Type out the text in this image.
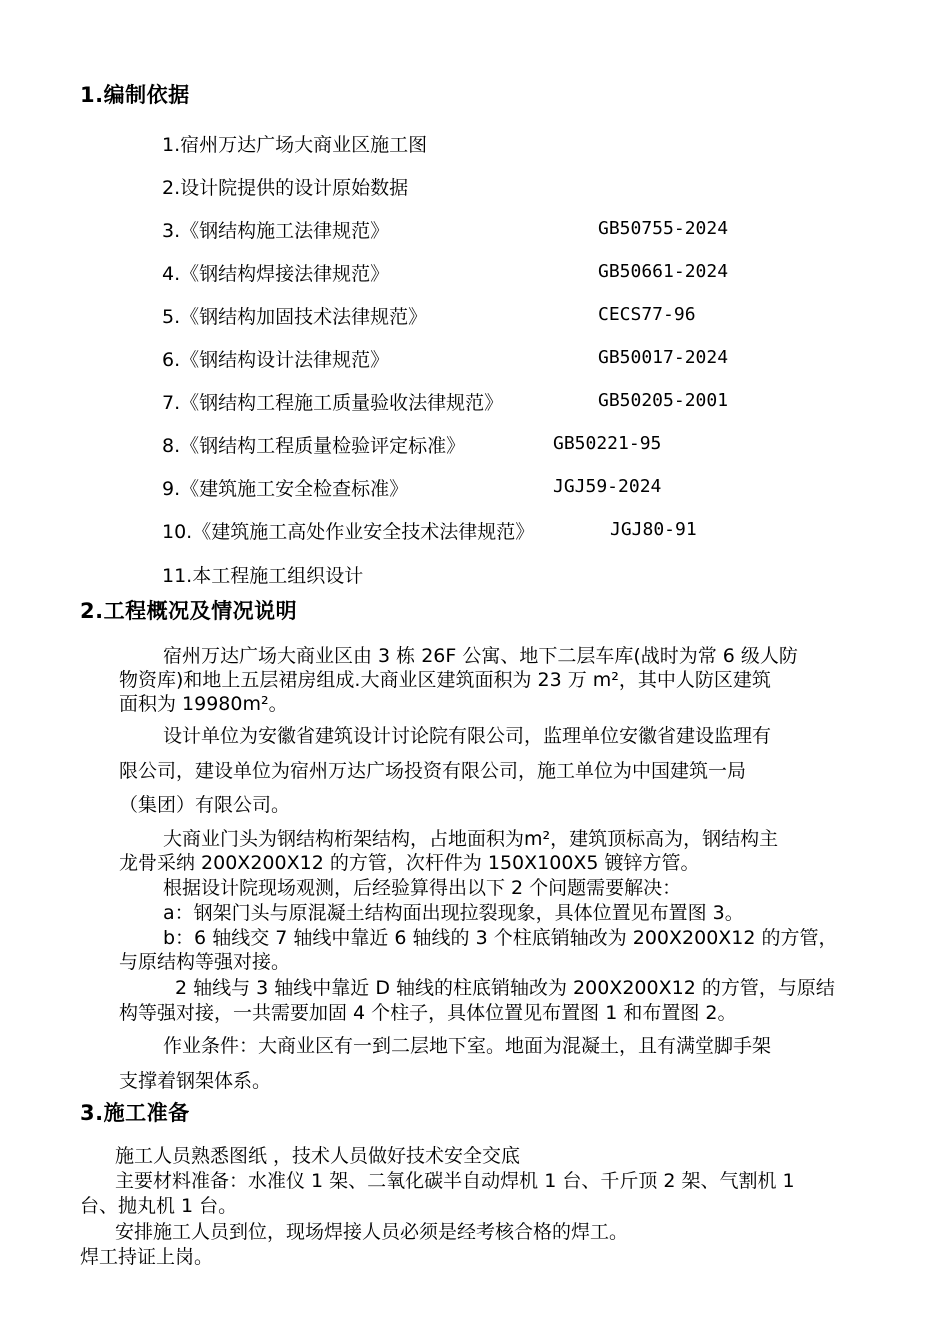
1.编制依据
1.宿州万达广场大商业区施工图
2.设计院提供的设计原始数据
3.《钢结构施工法律规范》	GB50755-2024
4.《钢结构焊接法律规范》	GB50661-2024
5.《钢结构加固技术法律规范》	CECS77-96
6.《钢结构设计法律规范》	GB50017-2024
7.《钢结构工程施工质量验收法律规范》	GB50205-2001
8.《钢结构工程质量检验评定标准》	GB50221-95
9.《建筑施工安全检查标准》	JGJ59-2024
10.《建筑施工高处作业安全技术法律规范》	JGJ80-91
11.本工程施工组织设计
2.工程概况及情况说明
宿州万达广场大商业区由 3 栋 26F 公寓、地下二层车库(战时为常 6 级人防
物资库)和地上五层裙房组成.大商业区建筑面积为 23 万 m²，其中人防区建筑
面积为 19980m²。
设计单位为安徽省建筑设计讨论院有限公司，监理单位安徽省建设监理有
限公司，建设单位为宿州万达广场投资有限公司，施工单位为中国建筑一局
（集团）有限公司。
大商业门头为钢结构桁架结构，占地面积为m²，建筑顶标高为，钢结构主
龙骨采纳 200X200X12 的方管，次杆件为 150X100X5 镀锌方管。
根据设计院现场观测，后经验算得出以下 2 个问题需要解决：
a：钢架门头与原混凝土结构面出现拉裂现象，具体位置见布置图 3。
b：6 轴线交 7 轴线中靠近 6 轴线的 3 个柱底销轴改为 200X200X12 的方管，
与原结构等强对接。
2 轴线与 3 轴线中靠近 D 轴线的柱底销轴改为 200X200X12 的方管，与原结
构等强对接，一共需要加固 4 个柱子，具体位置见布置图 1 和布置图 2。
作业条件：大商业区有一到二层地下室。地面为混凝土，且有满堂脚手架
支撑着钢架体系。
3.施工准备
施工人员熟悉图纸 ，技术人员做好技术安全交底
主要材料准备：水准仪 1 架、二氧化碳半自动焊机 1 台、千斤顶 2 架、气割机 1
台、抛丸机 1 台。
安排施工人员到位，现场焊接人员必须是经考核合格的焊工。
焊工持证上岗。
